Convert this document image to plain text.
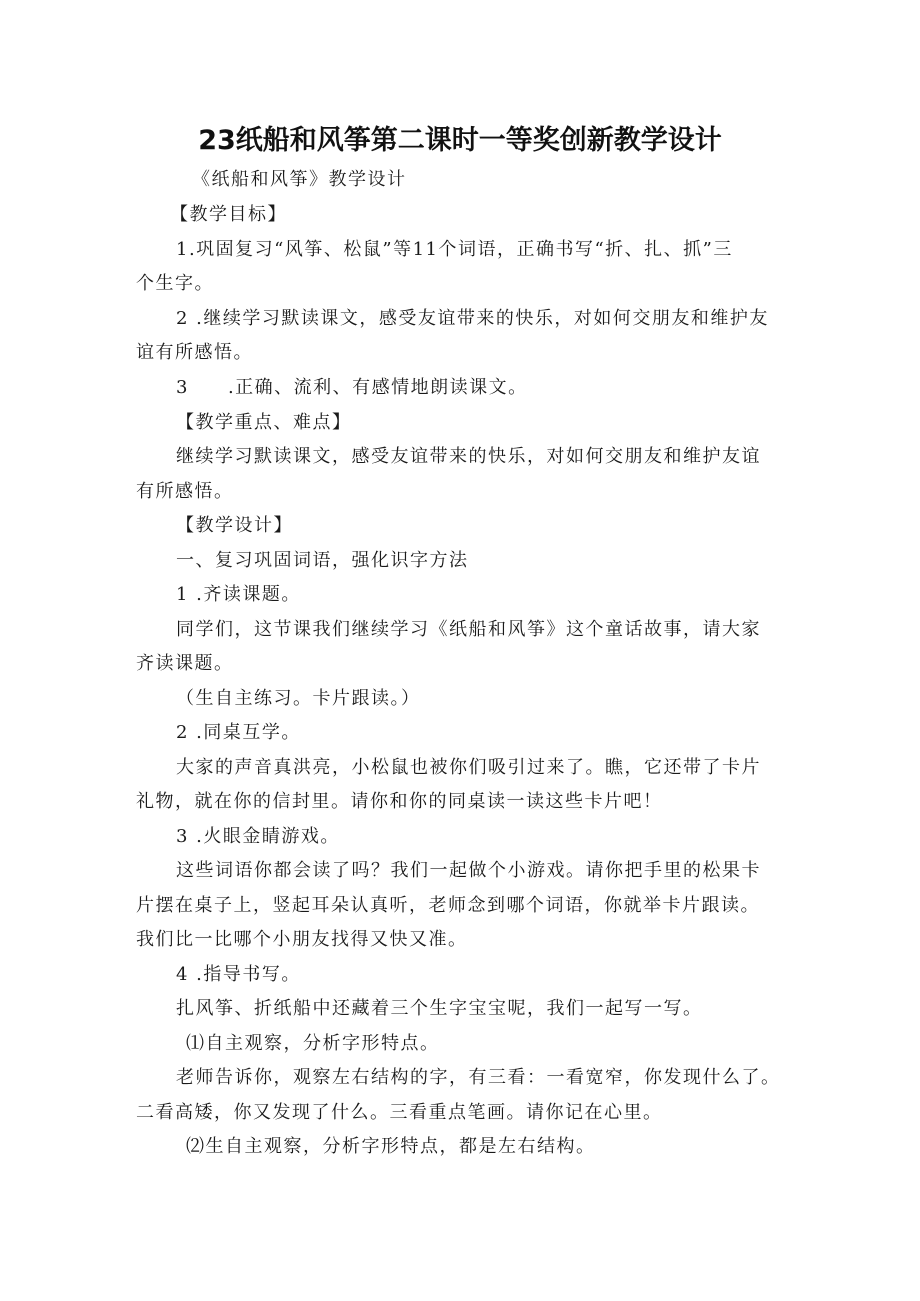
23纸船和风筝第二课时一等奖创新教学设计
《纸船和风筝》教学设计
【教学目标】
1.巩固复习“风筝、松鼠”等11个词语，正确书写“折、扎、抓”三
个生字。
2 .继续学习默读课文，感受友谊带来的快乐，对如何交朋友和维护友
谊有所感悟。
3　　.正确、流利、有感情地朗读课文。
【教学重点、难点】
继续学习默读课文，感受友谊带来的快乐，对如何交朋友和维护友谊
有所感悟。
【教学设计】
一、复习巩固词语，强化识字方法
1 .齐读课题。
同学们，这节课我们继续学习《纸船和风筝》这个童话故事，请大家
齐读课题。
（生自主练习。卡片跟读。）
2 .同桌互学。
大家的声音真洪亮，小松鼠也被你们吸引过来了。瞧，它还带了卡片
礼物，就在你的信封里。请你和你的同桌读一读这些卡片吧！
3 .火眼金睛游戏。
这些词语你都会读了吗？我们一起做个小游戏。请你把手里的松果卡
片摆在桌子上，竖起耳朵认真听，老师念到哪个词语，你就举卡片跟读。
我们比一比哪个小朋友找得又快又准。
4 .指导书写。
扎风筝、折纸船中还藏着三个生字宝宝呢，我们一起写一写。
⑴自主观察，分析字形特点。
老师告诉你，观察左右结构的字，有三看：一看宽窄，你发现什么了。
二看高矮，你又发现了什么。三看重点笔画。请你记在心里。
⑵生自主观察，分析字形特点，都是左右结构。
